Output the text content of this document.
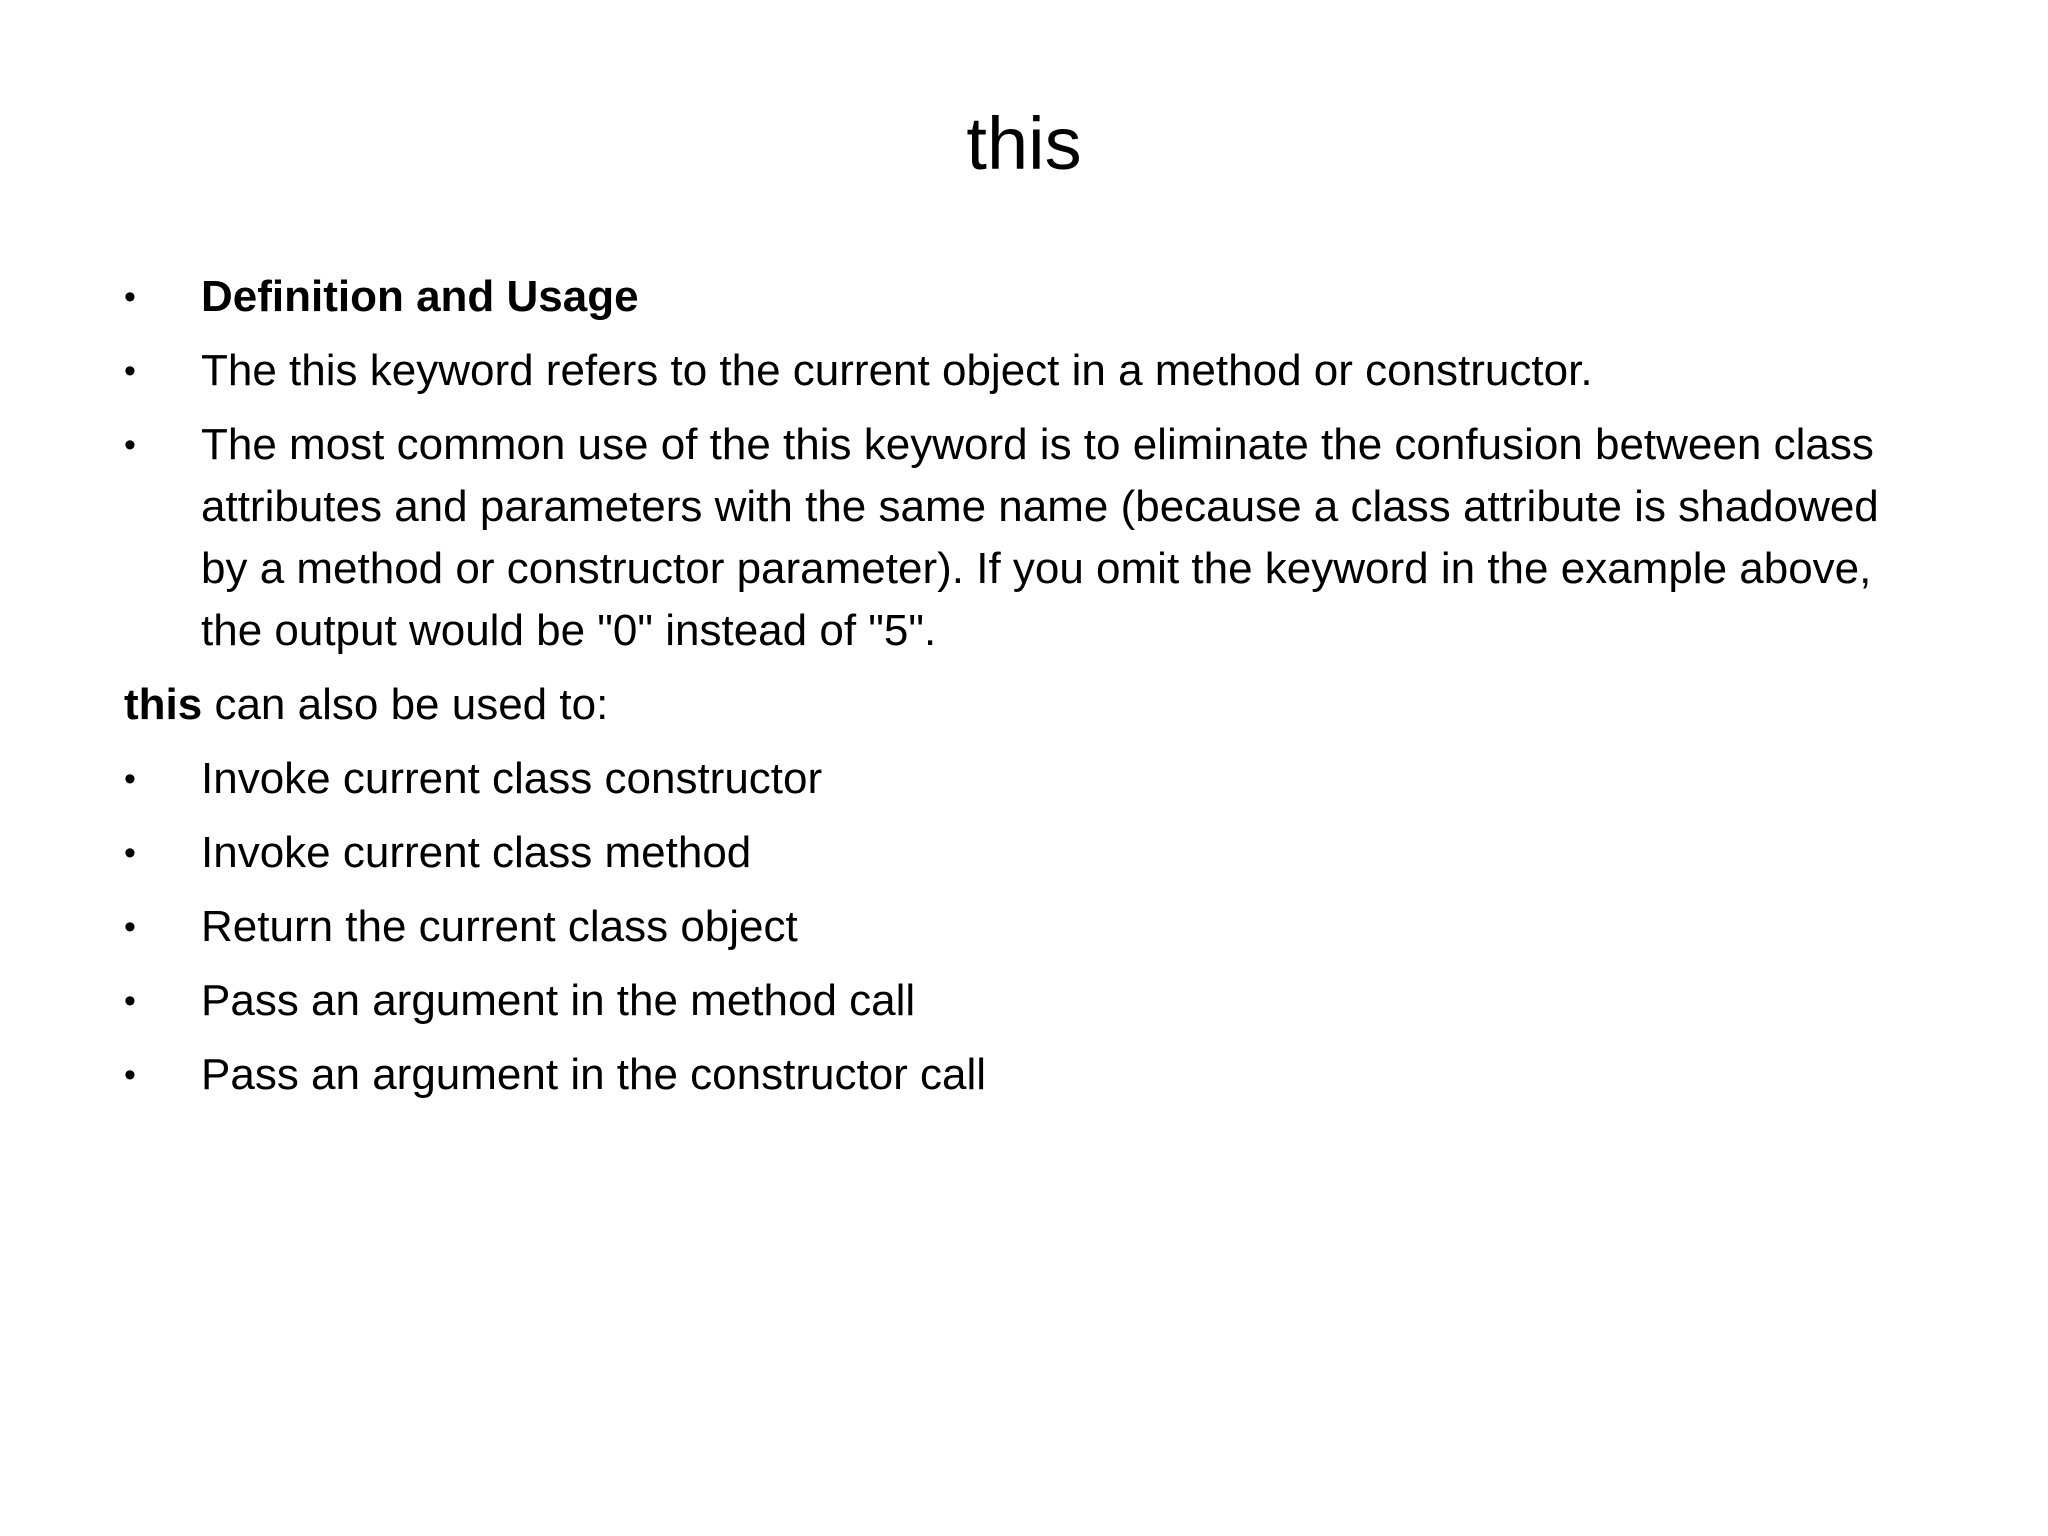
this
•	Definition and Usage
•	The this keyword refers to the current object in a method or constructor.
•	The most common use of the this keyword is to eliminate the confusion between class attributes and parameters with the same name (because a class attribute is shadowed by a method or constructor parameter). If you omit the keyword in the example above, the output would be "0" instead of "5".
this can also be used to:
•	Invoke current class constructor
•	Invoke current class method
•	Return the current class object
•	Pass an argument in the method call
•	Pass an argument in the constructor call
